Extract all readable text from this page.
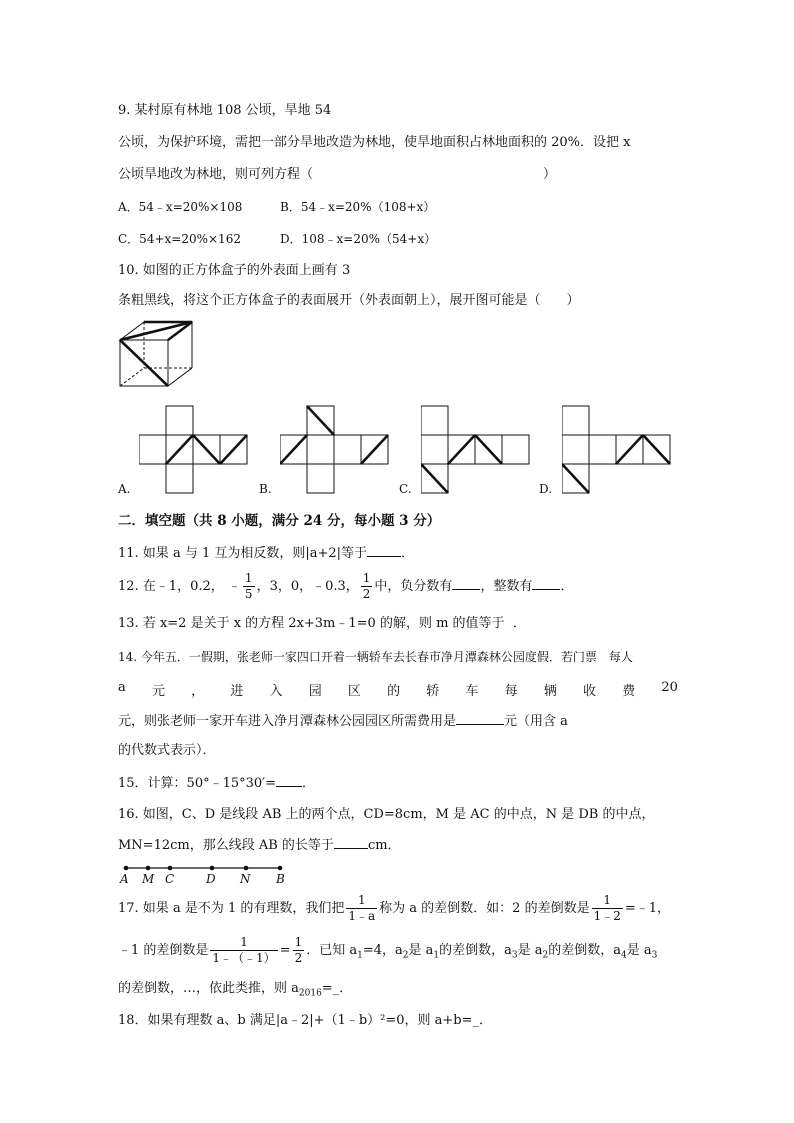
9. 某村原有林地 108 公顷，旱地 54
公顷，为保护环境，需把一部分旱地改造为林地，使旱地面积占林地面积的 20%．设把 x
公顷旱地改为林地，则可列方程（	）
A．54﹣x=20%×108	B．54﹣x=20%（108+x）
C．54+x=20%×162	D．108﹣x=20%（54+x）
10. 如图的正方体盒子的外表面上画有 3
条粗黑线，将这个正方体盒子的表面展开（外表面朝上），展开图可能是（　　）
A.	B.	C.	D.
二．填空题（共 8 小题，满分 24 分，每小题 3 分）
11. 如果 a 与 1 互为相反数，则|a+2|等于	．
12. 在﹣1，0.2， ﹣ $\frac{1}{5}$ ，3，0，﹣0.3， $\frac{1}{2}$ 中，负分数有 ，整数有 ．
13. 若 x=2 是关于 x 的方程 2x+3m﹣1=0 的解，则 m 的值等于 ．
14. 今年五．一假期，张老师一家四口开着一辆轿车去长春市净月潭森林公园度假．若门票　每人
a 元 ， 进 入 园 区 的 轿 车 每 辆 收 费 20
元，则张老师一家开车进入净月潭森林公园园区所需费用是	元（用含 a
的代数式表示）．
15．计算：50°﹣15°30′= ．
16. 如图，C、D 是线段 AB 上的两个点，CD=8cm，M 是 AC 的中点，N 是 DB 的中点，
MN=12cm，那么线段 AB 的长等于	cm．
A M C	D N B
17. 如果 a 是不为 1 的有理数，我们把 $\frac{1}{1﹣a}$ 称为 a 的差倒数．如：2 的差倒数是 $\frac{1}{1﹣2}$ =﹣1，
﹣1 的差倒数是 $\frac{1}{1﹣(﹣1)} = \frac{1}{2}$ ．已知 $a_1=4$，$a_2$是 $a_1$的差倒数，$a_3$是 $a_2$的差倒数，$a_4$是 $a_3$
的差倒数，…，依此类推，则 $a_{2016}=\_$．
18．如果有理数 a、b 满足|a﹣2|+（1﹣b）²=0，则 a+b=_．
